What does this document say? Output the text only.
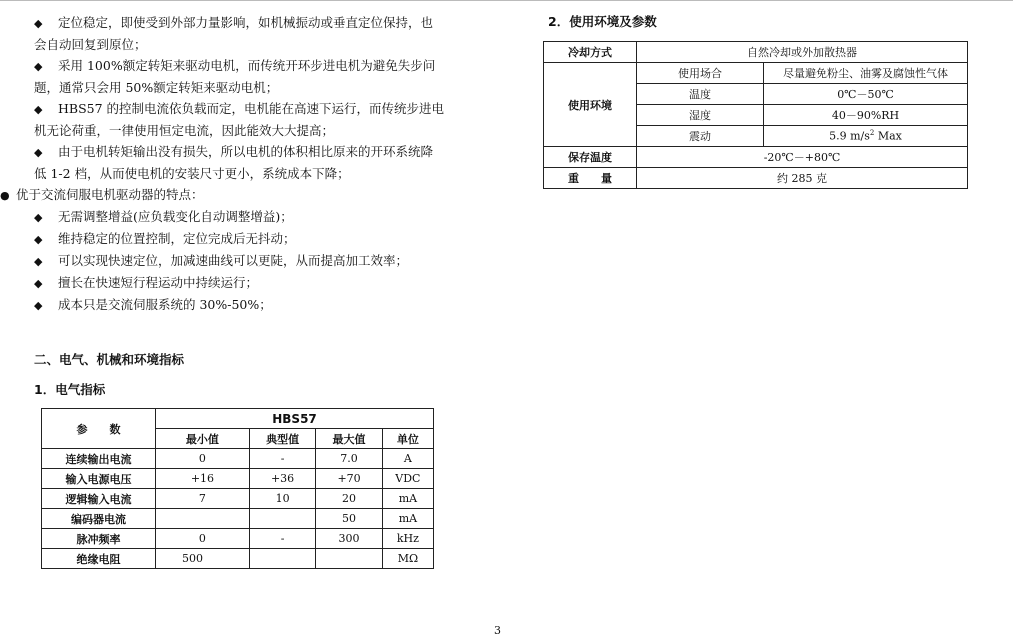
◆ 定位稳定，即使受到外部力量影响，如机械振动或垂直定位保持，也

会自动回复到原位；

◆ 采用 100%额定转矩来驱动电机，而传统开环步进电机为避免失步问

题，通常只会用 50%额定转矩来驱动电机；

◆ HBS57 的控制电流依负载而定，电机能在高速下运行，而传统步进电

机无论荷重，一律使用恒定电流，因此能效大大提高；

◆ 由于电机转矩输出没有损失，所以电机的体积相比原来的开环系统降

低 1-2 档，从而使电机的安装尺寸更小，系统成本下降；

● 优于交流伺服电机驱动器的特点：

◆ 无需调整增益(应负载变化自动调整增益)；

◆ 维持稳定的位置控制，定位完成后无抖动；

◆ 可以实现快速定位，加减速曲线可以更陡，从而提高加工效率；

◆ 擅长在快速短行程运动中持续运行；

◆ 成本只是交流伺服系统的 30%-50%；

二、电气、机械和环境指标
1．电气指标
参　　数	HBS57			
	最小值	典型值	最大值	单位
连续输出电流	0	-	7.0	A
输入电源电压	+16	+36	+70	VDC
逻辑输入电流	7	10	20	mA
编码器电流			50	mA
脉冲频率	0	-	300	kHz
绝缘电阻	500			MΩ
2．使用环境及参数
冷却方式	自然冷却或外加散热器	
使用环境	使用场合	尽量避免粉尘、油雾及腐蚀性气体
	温度	0℃－50℃
	湿度	40－90%RH
	震动	5.9 $m/s^2$ Max
保存温度	-20℃－+80℃	
重　　量	约 285 克	
3
